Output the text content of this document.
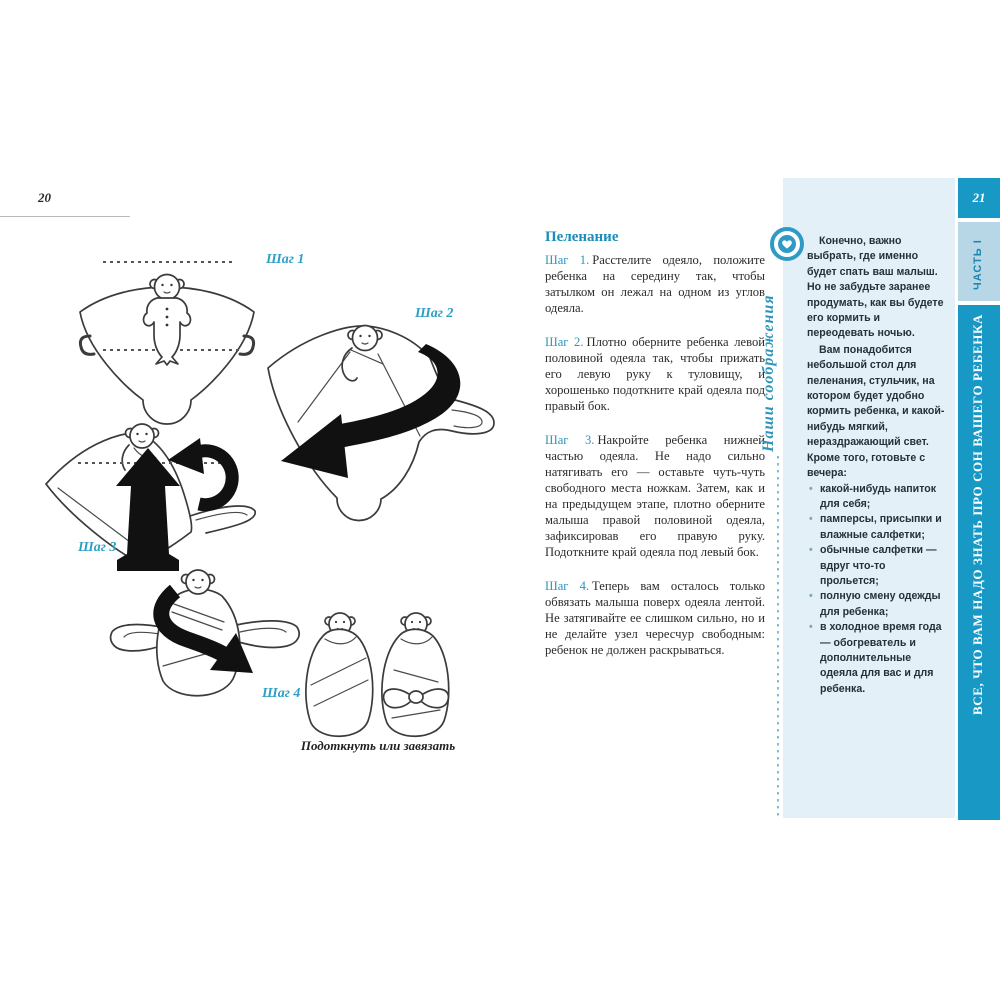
20
Шаг 1
Шаг 2
Шаг 3
Шаг 4
Подоткнуть или завязать
Пеленание

Шаг 1. Расстелите одеяло, положите ребенка на середину так, чтобы затылком он лежал на одном из углов одеяла.

Шаг 2. Плотно оберните ребенка левой половиной одеяла так, чтобы прижать его левую руку к туловищу, и хорошенько подоткните край одеяла под правый бок.

Шаг 3. Накройте ребенка нижней частью одеяла. Не надо сильно натягивать его — оставьте чуть-чуть свободного места ножкам. Затем, как и на предыдущем этапе, плотно оберните малыша правой половиной одеяла, зафиксировав его правую руку. Подоткните край одеяла под левый бок.

Шаг 4. Теперь вам осталось только обвязать малыша поверх одеяла лентой. Не затягивайте ее слишком сильно, но и не делайте узел чересчур свободным: ребенок не должен раскрываться.

Конечно, важно выбрать, где именно будет спать ваш малыш. Но не забудьте заранее продумать, как вы будете его кормить и переодевать ночью.

Вам понадобится небольшой стол для пеленания, стульчик, на котором будет удобно кормить ребенка, и какой-нибудь мягкий, нераздражающий свет. Кроме того, готовьте с вечера:

• какой-нибудь напиток для себя;
• памперсы, присыпки и влажные салфетки;
• обычные салфетки — вдруг что-то прольется;
• полную смену одежды для ребенка;
• в холодное время года — обогреватель и дополнительные одеяла для вас и для ребенка.
Наши соображения
21
ЧАСТЬ I
ВСЕ, ЧТО ВАМ НАДО ЗНАТЬ ПРО СОН ВАШЕГО РЕБЕНКА
